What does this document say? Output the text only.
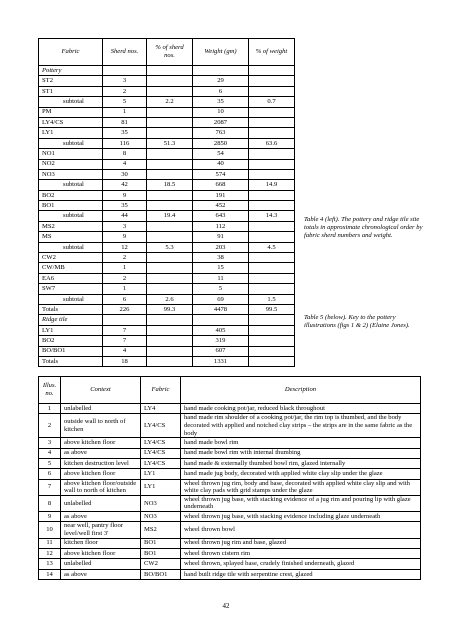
Fabric	Sherd nos.	% of sherd nos.	Weight (gm)	% of weight
Pottery				
ST2	3		29	
ST1	2		6	
subtotal	5	2.2	35	0.7
PM	1		10	
LY4/CS	81		2087	
LY1	35		763	
subtotal	116	51.3	2850	63.6
NO1	8		54	
NO2	4		40	
NO3	30		574	
subtotal	42	18.5	668	14.9
BO2	9		191	
BO1	35		452	
subtotal	44	19.4	643	14.3
MS2	3		112	
MS	9		91	
subtotal	12	5.3	203	4.5
CW2	2		38	
CW/MB	1		15	
EA6	2		11	
SW7	1		5	
subtotal	6	2.6	69	1.5
Totals	226	99.3	4478	99.5
Ridge tile				
LY1	7		405	
BO2	7		319	
BO/BO1	4		607	
Totals	18		1331	
Table 4 (left). The pottery and ridge tile site totals in approximate chronological order by fabric sherd numbers and weight.
Table 5 (below). Key to the pottery illustrations (figs 1 & 2) (Elaine Jones).
Illus. no.	Context	Fabric	Description
1	unlabelled	LY4	hand made cooking pot/jar, reduced black throughout
2	outside wall to north of kitchen	LY4/CS	hand made rim shoulder of a cooking pot/jar, the rim top is thumbed, and the body decorated with applied and notched clay strips – the strips are in the same fabric as the body
3	above kitchen floor	LY4/CS	hand made bowl rim
4	as above	LY4/CS	hand made bowl rim with internal thumbing
5	kitchen destruction level	LY4/CS	hand made & externally thumbed bowl rim, glazed internally
6	above kitchen floor	LY1	hand made jug body, decorated with applied white clay slip under the glaze
7	above kitchen floor/outside wall to north of kitchen	LY1	wheel thrown jug rim, body and base, decorated with applied white clay slip and with white clay pads with grid stamps under the glaze
8	unlabelled	NO3	wheel thrown jug base, with stacking evidence of a jug rim and pouring lip with glaze underneath
9	as above	NO3	wheel thrown jug base, with stacking evidence including glaze underneath
10	near well, pantry floor level/well first 3'	MS2	wheel thrown bowl
11	kitchen floor	BO1	wheel thrown jug rim and base, glazed
12	above kitchen floor	BO1	wheel thrown cistern rim
13	unlabelled	CW2	wheel thrown, splayed base, crudely finished underneath, glazed
14	as above	BO/BO1	hand built ridge tile with serpentine crest, glazed
42
